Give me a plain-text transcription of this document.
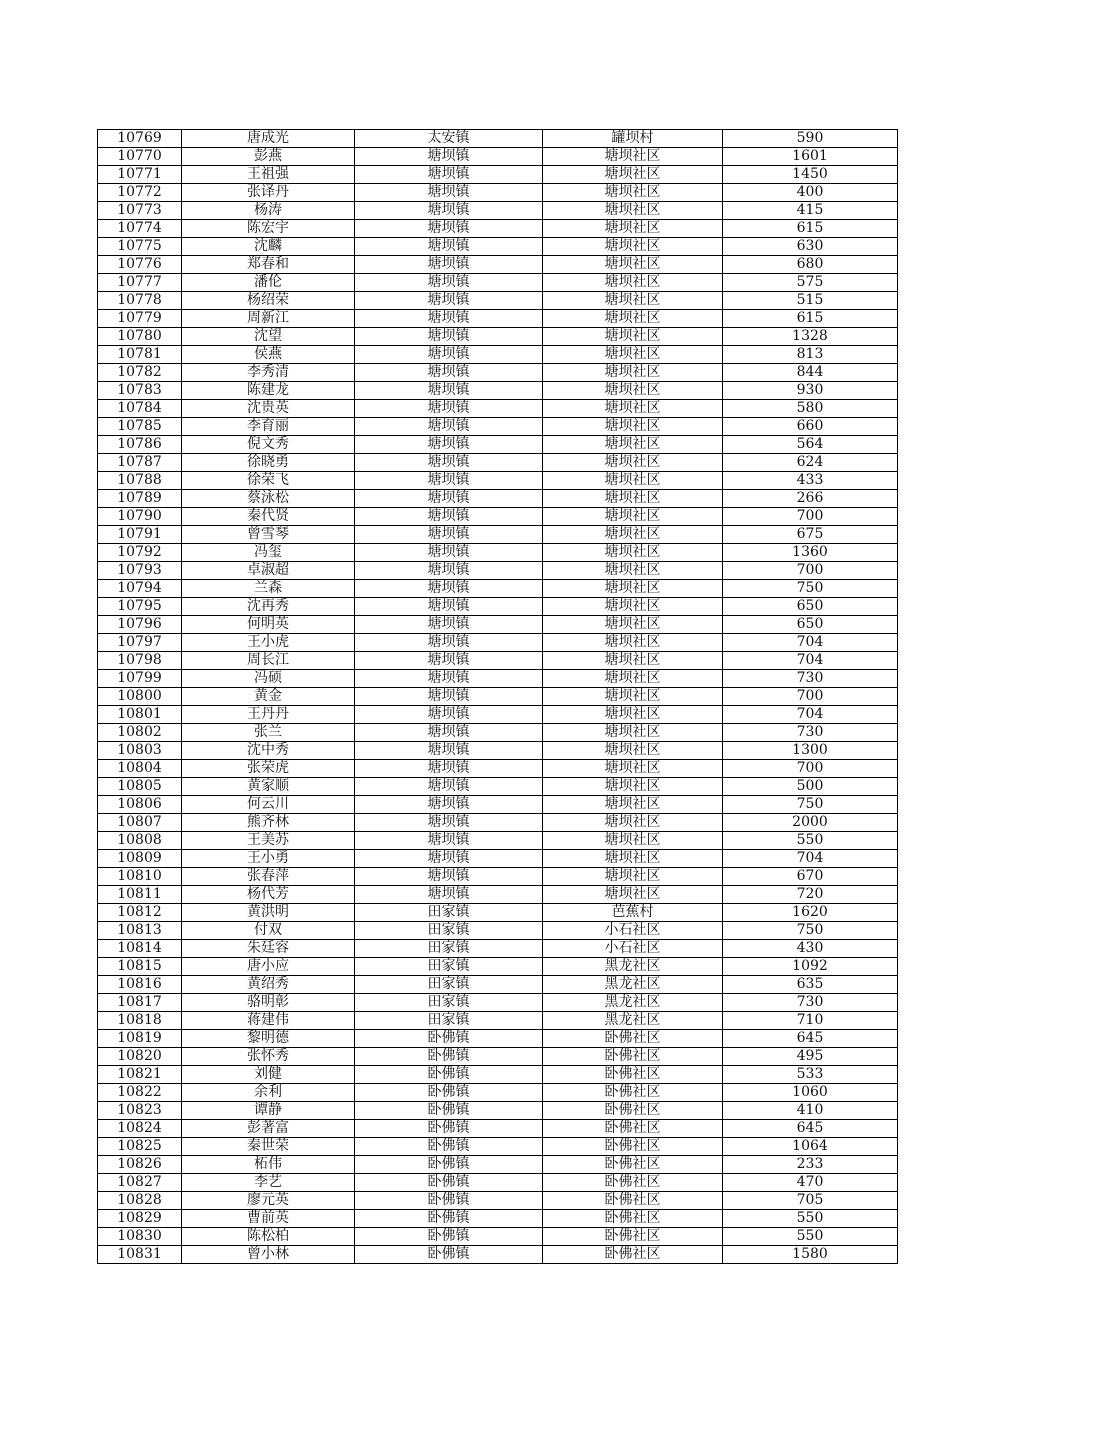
10769	唐成光	太安镇	罐坝村	590
10770	彭燕	塘坝镇	塘坝社区	1601
10771	王祖强	塘坝镇	塘坝社区	1450
10772	张译丹	塘坝镇	塘坝社区	400
10773	杨涛	塘坝镇	塘坝社区	415
10774	陈宏宇	塘坝镇	塘坝社区	615
10775	沈麟	塘坝镇	塘坝社区	630
10776	郑春和	塘坝镇	塘坝社区	680
10777	潘伦	塘坝镇	塘坝社区	575
10778	杨绍荣	塘坝镇	塘坝社区	515
10779	周新江	塘坝镇	塘坝社区	615
10780	沈望	塘坝镇	塘坝社区	1328
10781	侯燕	塘坝镇	塘坝社区	813
10782	李秀清	塘坝镇	塘坝社区	844
10783	陈建龙	塘坝镇	塘坝社区	930
10784	沈贵英	塘坝镇	塘坝社区	580
10785	李育丽	塘坝镇	塘坝社区	660
10786	倪文秀	塘坝镇	塘坝社区	564
10787	徐晓勇	塘坝镇	塘坝社区	624
10788	徐荣飞	塘坝镇	塘坝社区	433
10789	蔡泳松	塘坝镇	塘坝社区	266
10790	秦代贤	塘坝镇	塘坝社区	700
10791	曾雪琴	塘坝镇	塘坝社区	675
10792	冯玺	塘坝镇	塘坝社区	1360
10793	卓淑超	塘坝镇	塘坝社区	700
10794	兰森	塘坝镇	塘坝社区	750
10795	沈再秀	塘坝镇	塘坝社区	650
10796	何明英	塘坝镇	塘坝社区	650
10797	王小虎	塘坝镇	塘坝社区	704
10798	周长江	塘坝镇	塘坝社区	704
10799	冯硕	塘坝镇	塘坝社区	730
10800	黄金	塘坝镇	塘坝社区	700
10801	王丹丹	塘坝镇	塘坝社区	704
10802	张兰	塘坝镇	塘坝社区	730
10803	沈中秀	塘坝镇	塘坝社区	1300
10804	张荣虎	塘坝镇	塘坝社区	700
10805	黄家顺	塘坝镇	塘坝社区	500
10806	何云川	塘坝镇	塘坝社区	750
10807	熊齐林	塘坝镇	塘坝社区	2000
10808	王美苏	塘坝镇	塘坝社区	550
10809	王小勇	塘坝镇	塘坝社区	704
10810	张春萍	塘坝镇	塘坝社区	670
10811	杨代芳	塘坝镇	塘坝社区	720
10812	黄洪明	田家镇	芭蕉村	1620
10813	付双	田家镇	小石社区	750
10814	朱廷容	田家镇	小石社区	430
10815	唐小应	田家镇	黑龙社区	1092
10816	黄绍秀	田家镇	黑龙社区	635
10817	骆明彰	田家镇	黑龙社区	730
10818	蒋建伟	田家镇	黑龙社区	710
10819	黎明德	卧佛镇	卧佛社区	645
10820	张怀秀	卧佛镇	卧佛社区	495
10821	刘健	卧佛镇	卧佛社区	533
10822	余利	卧佛镇	卧佛社区	1060
10823	谭静	卧佛镇	卧佛社区	410
10824	彭著富	卧佛镇	卧佛社区	645
10825	秦世荣	卧佛镇	卧佛社区	1064
10826	柘伟	卧佛镇	卧佛社区	233
10827	李艺	卧佛镇	卧佛社区	470
10828	廖元英	卧佛镇	卧佛社区	705
10829	曹前英	卧佛镇	卧佛社区	550
10830	陈松柏	卧佛镇	卧佛社区	550
10831	曾小林	卧佛镇	卧佛社区	1580
